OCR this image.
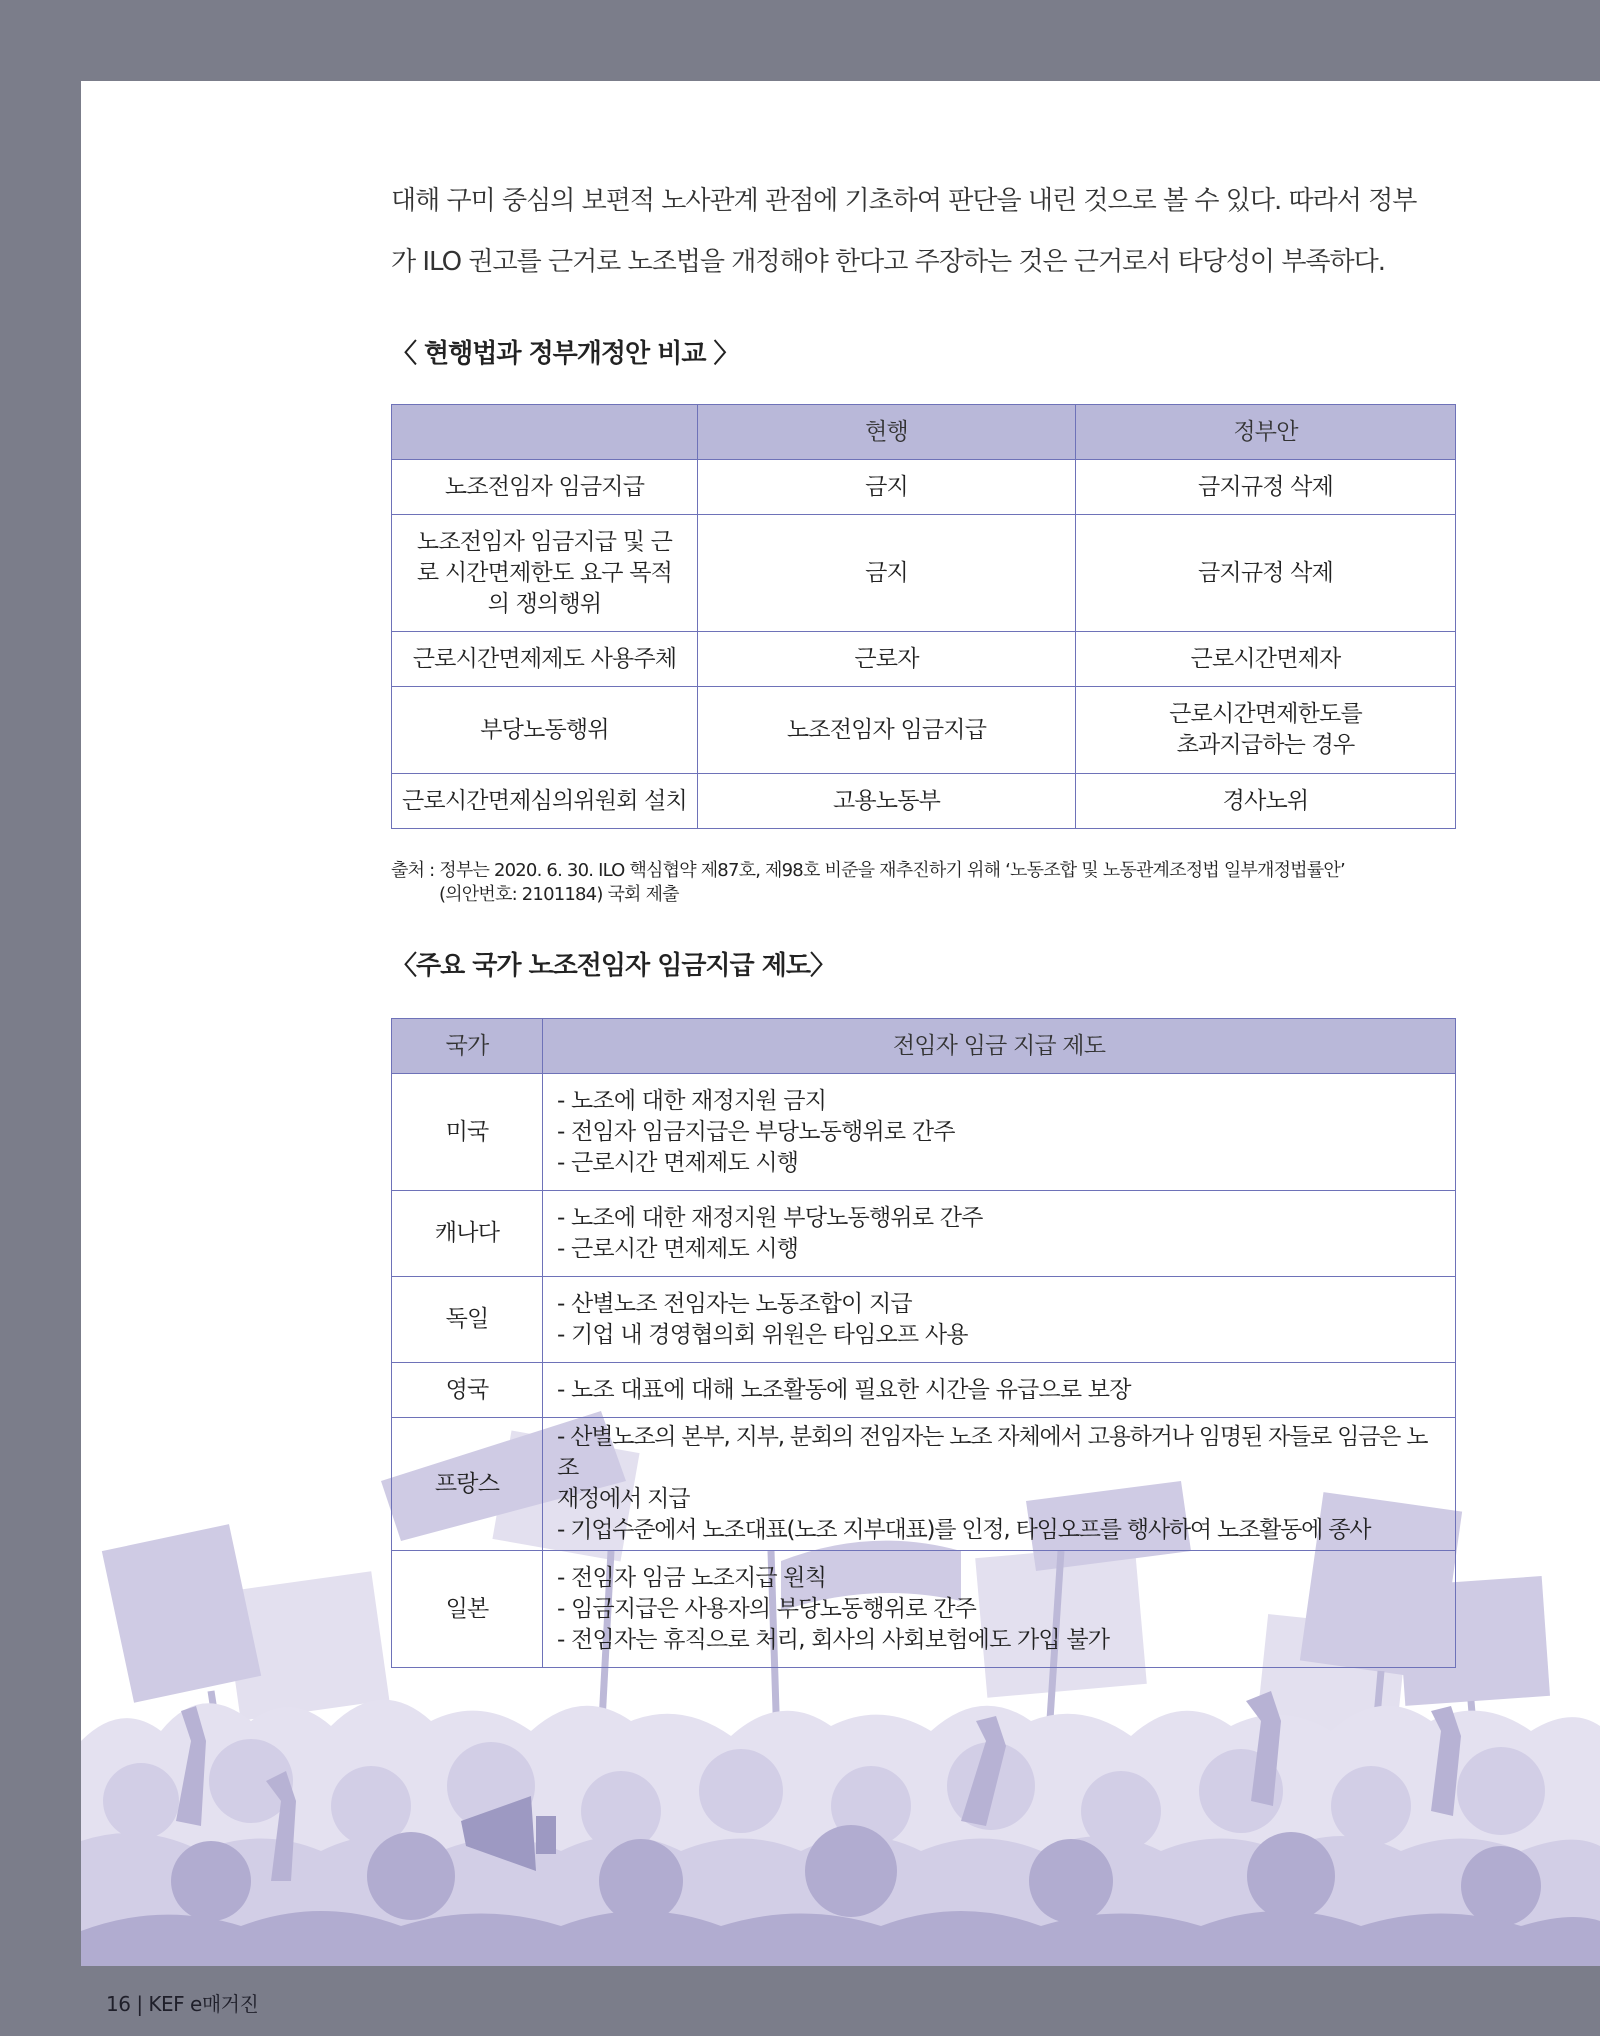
대해 구미 중심의 보편적 노사관계 관점에 기초하여 판단을 내린 것으로 볼 수 있다. 따라서 정부

가 ILO 권고를 근거로 노조법을 개정해야 한다고 주장하는 것은 근거로서 타당성이 부족하다.

〈 현행법과 정부개정안 비교 〉
	현행	정부안
노조전임자 임금지급	금지	금지규정 삭제
노조전임자 임금지급 및 근로 시간면제한도 요구 목적의 쟁의행위	금지	금지규정 삭제
근로시간면제제도 사용주체	근로자	근로시간면제자
부당노동행위	노조전임자 임금지급	근로시간면제한도를 초과지급하는 경우
근로시간면제심의위원회 설치	고용노동부	경사노위
출처 : 정부는 2020. 6. 30. ILO 핵심협약 제87호, 제98호 비준을 재추진하기 위해 ‘노동조합 및 노동관계조정법 일부개정법률안’
(의안번호: 2101184) 국회 제출
〈주요 국가 노조전임자 임금지급 제도〉
국가	전임자 임금 지급 제도
미국	- 노조에 대한 재정지원 금지
- 전임자 임금지급은 부당노동행위로 간주
- 근로시간 면제제도 시행

캐나다	- 노조에 대한 재정지원 부당노동행위로 간주
- 근로시간 면제제도 시행

독일	- 산별노조 전임자는 노동조합이 지급
- 기업 내 경영협의회 위원은 타임오프 사용

영국	- 노조 대표에 대해 노조활동에 필요한 시간을 유급으로 보장

프랑스	- 산별노조의 본부, 지부, 분회의 전임자는 노조 자체에서 고용하거나 임명된 자들로 임금은 노조
재정에서 지급
- 기업수준에서 노조대표(노조 지부대표)를 인정, 타임오프를 행사하여 노조활동에 종사

일본	- 전임자 임금 노조지급 원칙
- 임금지급은 사용자의 부당노동행위로 간주
- 전임자는 휴직으로 처리, 회사의 사회보험에도 가입 불가
16 | KEF e매거진
